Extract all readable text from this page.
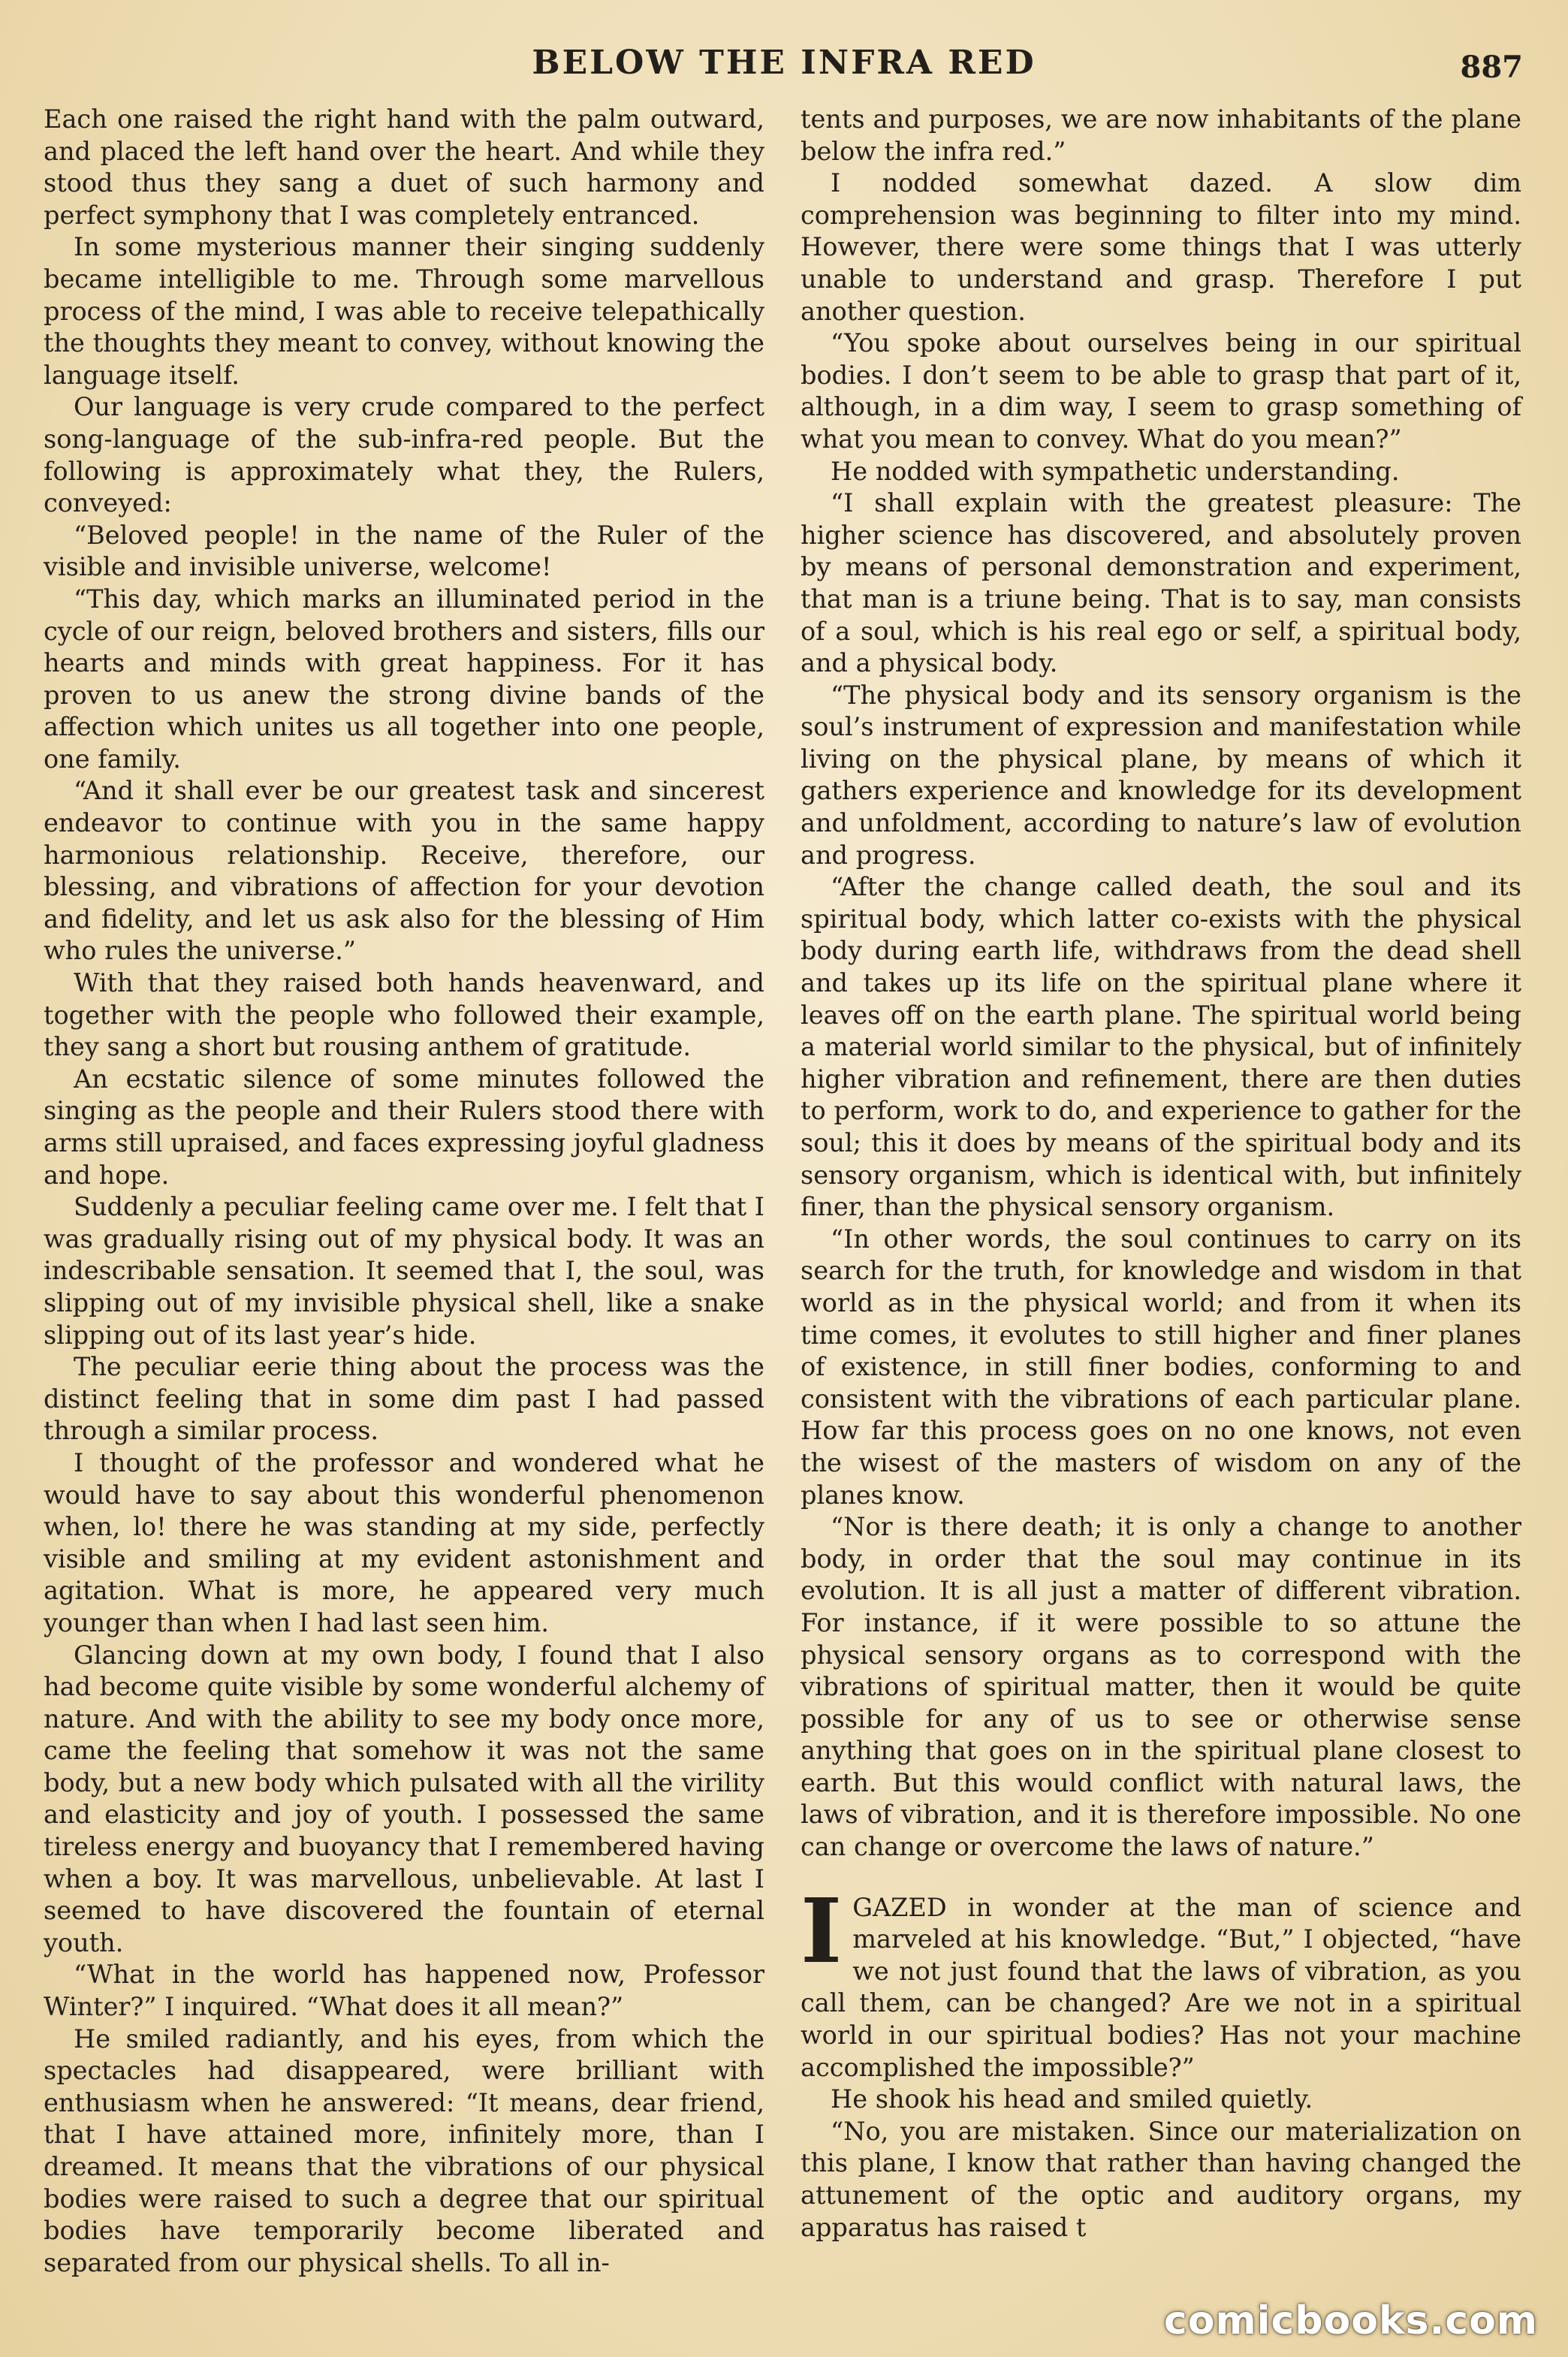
BELOW THE INFRA RED	887

Each one raised the right hand with the palm outward, and placed the left hand over the heart. And while they stood thus they sang a duet of such harmony and perfect symphony that I was completely entranced.

In some mysterious manner their singing suddenly became intelligible to me. Through some marvellous process of the mind, I was able to receive telepathically the thoughts they meant to convey, without knowing the language itself.

Our language is very crude compared to the perfect song-language of the sub-infra-red people. But the following is approximately what they, the Rulers, conveyed:

“Beloved people! in the name of the Ruler of the visible and invisible universe, welcome!

“This day, which marks an illuminated period in the cycle of our reign, beloved brothers and sisters, fills our hearts and minds with great happiness. For it has proven to us anew the strong divine bands of the affection which unites us all together into one people, one family.

“And it shall ever be our greatest task and sincerest endeavor to continue with you in the same happy harmonious relationship. Receive, therefore, our blessing, and vibrations of affection for your devotion and fidelity, and let us ask also for the blessing of Him who rules the universe.”

With that they raised both hands heavenward, and together with the people who followed their example, they sang a short but rousing anthem of gratitude.

An ecstatic silence of some minutes followed the singing as the people and their Rulers stood there with arms still upraised, and faces expressing joyful gladness and hope.

Suddenly a peculiar feeling came over me. I felt that I was gradually rising out of my physical body. It was an indescribable sensation. It seemed that I, the soul, was slipping out of my invisible physical shell, like a snake slipping out of its last year’s hide.

The peculiar eerie thing about the process was the distinct feeling that in some dim past I had passed through a similar process.

I thought of the professor and wondered what he would have to say about this wonderful phenomenon when, lo! there he was standing at my side, perfectly visible and smiling at my evident astonishment and agitation. What is more, he appeared very much younger than when I had last seen him.

Glancing down at my own body, I found that I also had become quite visible by some wonderful alchemy of nature. And with the ability to see my body once more, came the feeling that somehow it was not the same body, but a new body which pulsated with all the virility and elasticity and joy of youth. I possessed the same tireless energy and buoyancy that I remembered having when a boy. It was marvellous, unbelievable. At last I seemed to have discovered the fountain of eternal youth.

“What in the world has happened now, Professor Winter?” I inquired. “What does it all mean?”

He smiled radiantly, and his eyes, from which the spectacles had disappeared, were brilliant with enthusiasm when he answered: “It means, dear friend, that I have attained more, infinitely more, than I dreamed. It means that the vibrations of our physical bodies were raised to such a degree that our spiritual bodies have temporarily become liberated and separated from our physical shells. To all in-

tents and purposes, we are now inhabitants of the plane below the infra red.”

I nodded somewhat dazed. A slow dim comprehension was beginning to filter into my mind. However, there were some things that I was utterly unable to understand and grasp. Therefore I put another question.

“You spoke about ourselves being in our spiritual bodies. I don’t seem to be able to grasp that part of it, although, in a dim way, I seem to grasp something of what you mean to convey. What do you mean?”

He nodded with sympathetic understanding.

“I shall explain with the greatest pleasure: The higher science has discovered, and absolutely proven by means of personal demonstration and experiment, that man is a triune being. That is to say, man consists of a soul, which is his real ego or self, a spiritual body, and a physical body.

“The physical body and its sensory organism is the soul’s instrument of expression and manifestation while living on the physical plane, by means of which it gathers experience and knowledge for its development and unfoldment, according to nature’s law of evolution and progress.

“After the change called death, the soul and its spiritual body, which latter co-exists with the physical body during earth life, withdraws from the dead shell and takes up its life on the spiritual plane where it leaves off on the earth plane. The spiritual world being a material world similar to the physical, but of infinitely higher vibration and refinement, there are then duties to perform, work to do, and experience to gather for the soul; this it does by means of the spiritual body and its sensory organism, which is identical with, but infinitely finer, than the physical sensory organism.

“In other words, the soul continues to carry on its search for the truth, for knowledge and wisdom in that world as in the physical world; and from it when its time comes, it evolutes to still higher and finer planes of existence, in still finer bodies, conforming to and consistent with the vibrations of each particular plane. How far this process goes on no one knows, not even the wisest of the masters of wisdom on any of the planes know.

“Nor is there death; it is only a change to another body, in order that the soul may continue in its evolution. It is all just a matter of different vibration. For instance, if it were possible to so attune the physical sensory organs as to correspond with the vibrations of spiritual matter, then it would be quite possible for any of us to see or otherwise sense anything that goes on in the spiritual plane closest to earth. But this would conflict with natural laws, the laws of vibration, and it is therefore impossible. No one can change or overcome the laws of nature.”

IGAZED in wonder at the man of science and marveled at his knowledge. “But,” I objected, “have we not just found that the laws of vibration, as you call them, can be changed? Are we not in a spiritual world in our spiritual bodies? Has not your machine accomplished the impossible?”

He shook his head and smiled quietly.

“No, you are mistaken. Since our materialization on this plane, I know that rather than having changed the attunement of the optic and auditory organs, my apparatus has raised t

comicbooks.com
